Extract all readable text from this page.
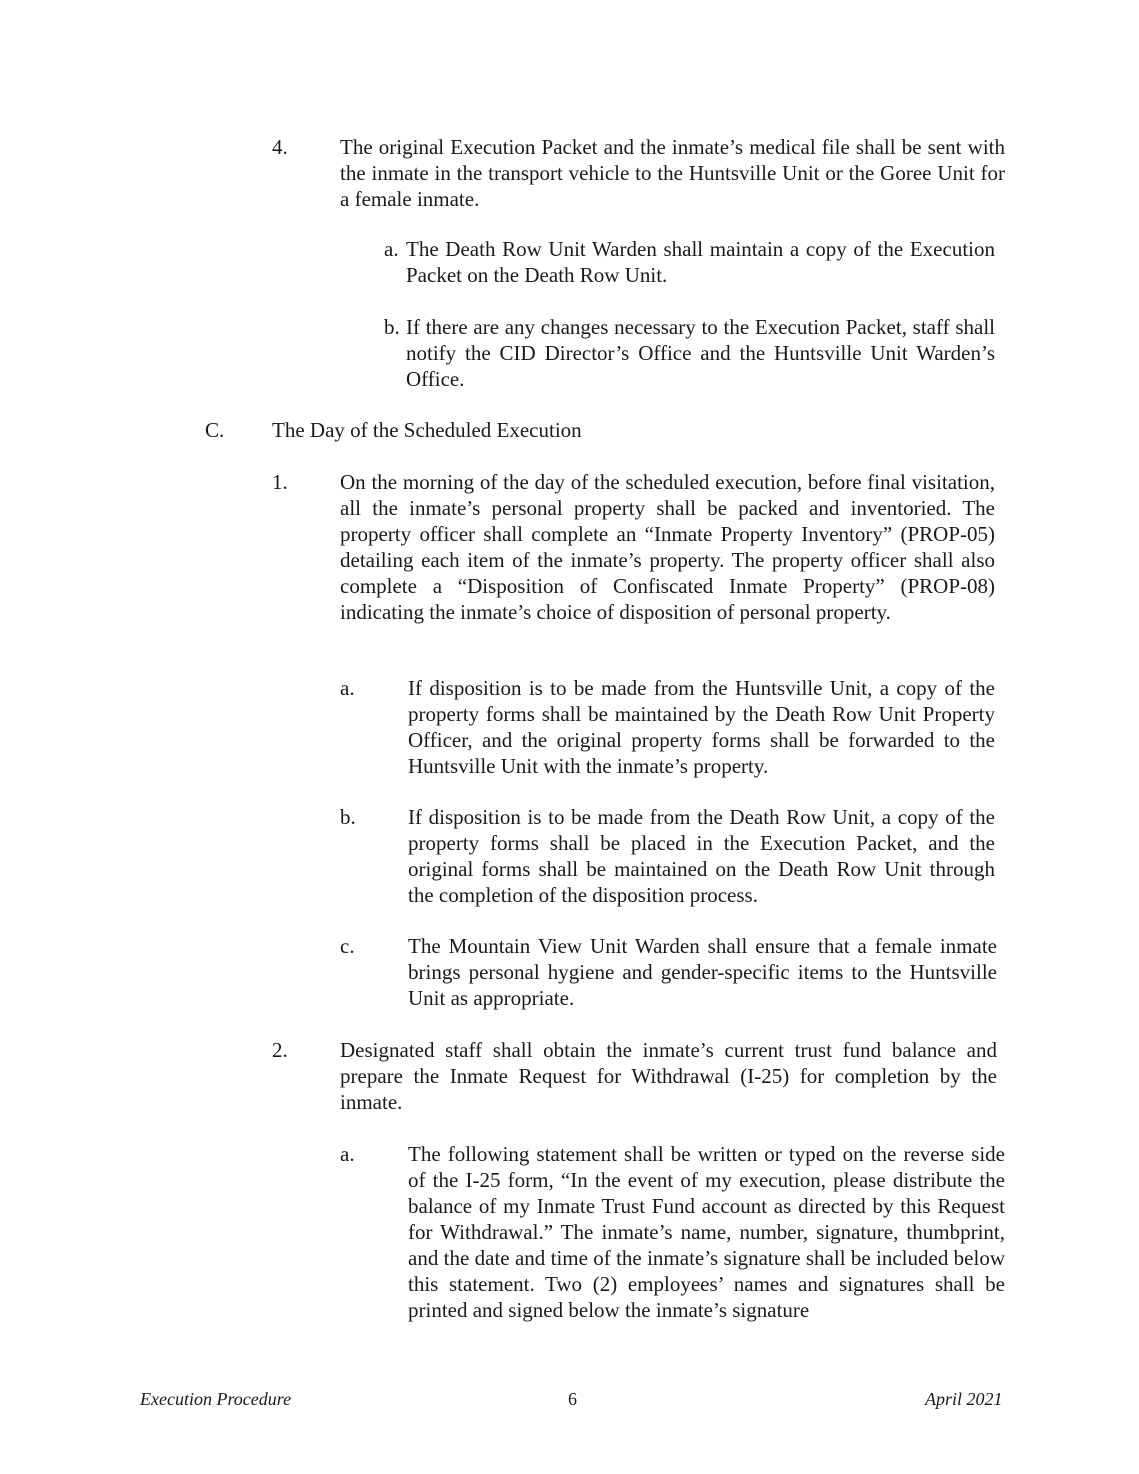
4. The original Execution Packet and the inmate’s medical file shall be sent with the inmate in the transport vehicle to the Huntsville Unit or the Goree Unit for a female inmate.
a. The Death Row Unit Warden shall maintain a copy of the Execution Packet on the Death Row Unit.
b. If there are any changes necessary to the Execution Packet, staff shall notify the CID Director’s Office and the Huntsville Unit Warden’s Office.
C. The Day of the Scheduled Execution
1. On the morning of the day of the scheduled execution, before final visitation, all the inmate’s personal property shall be packed and inventoried. The property officer shall complete an “Inmate Property Inventory” (PROP-05) detailing each item of the inmate’s property. The property officer shall also complete a “Disposition of Confiscated Inmate Property” (PROP-08) indicating the inmate’s choice of disposition of personal property.
a.	If disposition is to be made from the Huntsville Unit, a copy of the property forms shall be maintained by the Death Row Unit Property Officer, and the original property forms shall be forwarded to the Huntsville Unit with the inmate’s property.
b. If disposition is to be made from the Death Row Unit, a copy of the property forms shall be placed in the Execution Packet, and the original forms shall be maintained on the Death Row Unit through the completion of the disposition process.
c.	The Mountain View Unit Warden shall ensure that a female inmate brings personal hygiene and gender-specific items to the Huntsville Unit as appropriate.
2. Designated staff shall obtain the inmate’s current trust fund balance and prepare the Inmate Request for Withdrawal (I-25) for completion by the inmate.
a.	The following statement shall be written or typed on the reverse side of the I-25 form, “In the event of my execution, please distribute the balance of my Inmate Trust Fund account as directed by this Request for Withdrawal.” The inmate’s name, number, signature, thumbprint, and the date and time of the inmate’s signature shall be included below this statement. Two (2) employees’ names and signatures shall be printed and signed below the inmate’s signature
Execution Procedure	6	April 2021
